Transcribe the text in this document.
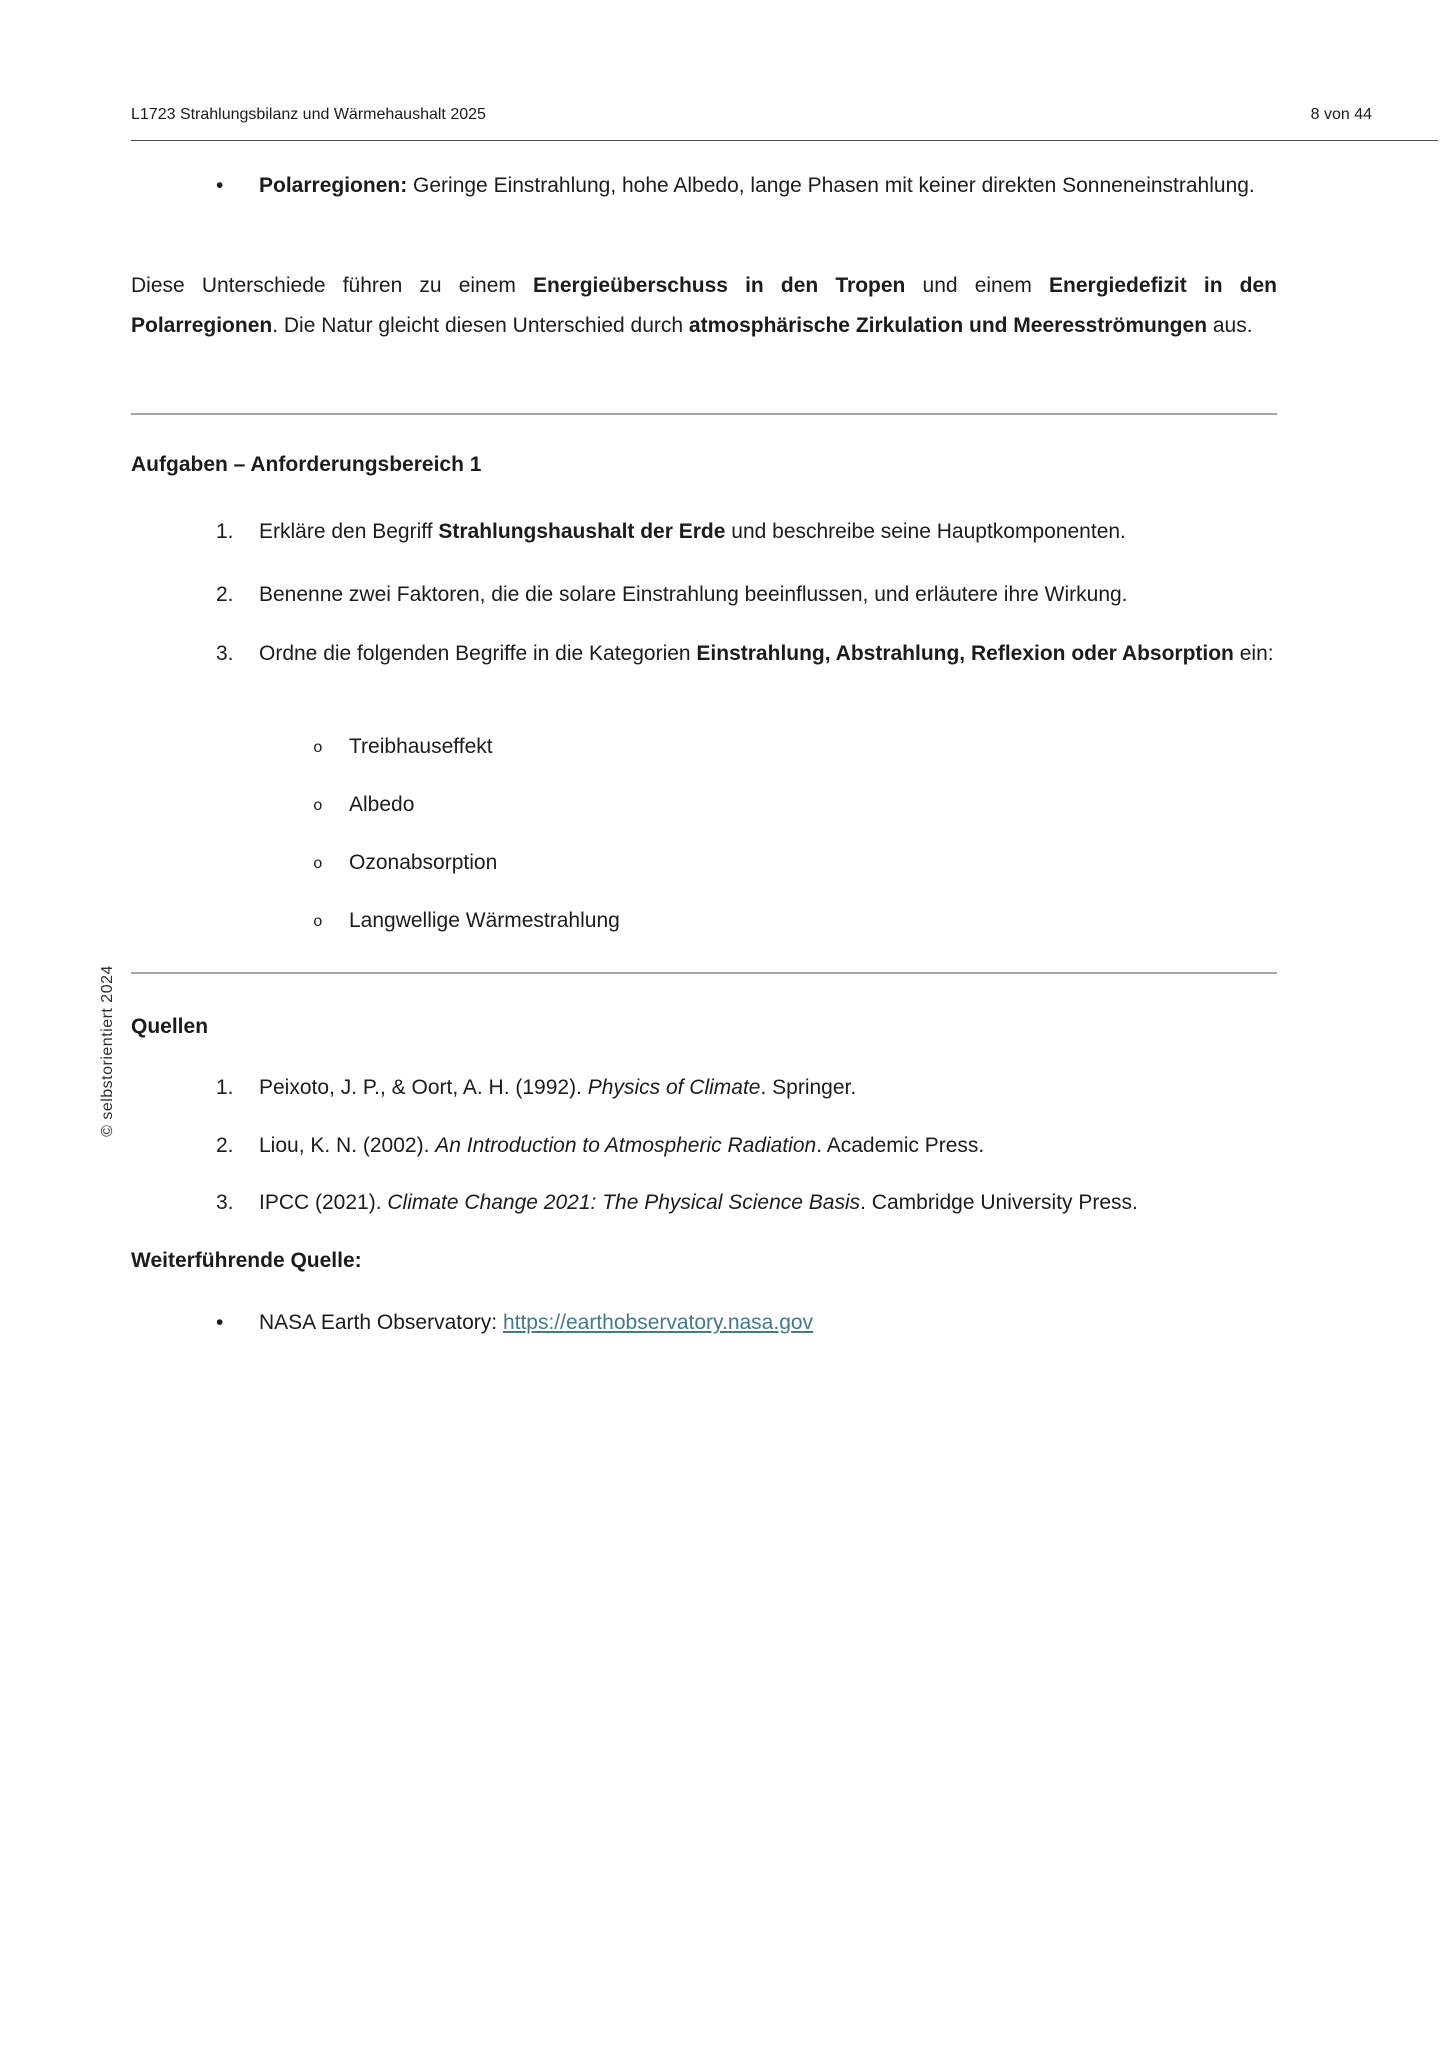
L1723 Strahlungsbilanz und Wärmehaushalt 2025	8 von 44
© selbstorientiert 2024
•	Polarregionen: Geringe Einstrahlung, hohe Albedo, lange Phasen mit keiner direkten Sonneneinstrahlung.
Diese Unterschiede führen zu einem Energieüberschuss in den Tropen und einem Energiedefizit in den Polarregionen. Die Natur gleicht diesen Unterschied durch atmosphärische Zirkulation und Meeresströmungen aus.
Aufgaben – Anforderungsbereich 1
1.	Erkläre den Begriff Strahlungshaushalt der Erde und beschreibe seine Hauptkomponenten.
2.	Benenne zwei Faktoren, die die solare Einstrahlung beeinflussen, und erläutere ihre Wirkung.
3.	Ordne die folgenden Begriffe in die Kategorien Einstrahlung, Abstrahlung, Reflexion oder Absorption ein:
o	Treibhauseffekt
o	Albedo
o	Ozonabsorption
o	Langwellige Wärmestrahlung
Quellen
1.	Peixoto, J. P., & Oort, A. H. (1992). Physics of Climate. Springer.
2.	Liou, K. N. (2002). An Introduction to Atmospheric Radiation. Academic Press.
3.	IPCC (2021). Climate Change 2021: The Physical Science Basis. Cambridge University Press.
Weiterführende Quelle:
•	NASA Earth Observatory: https://earthobservatory.nasa.gov
